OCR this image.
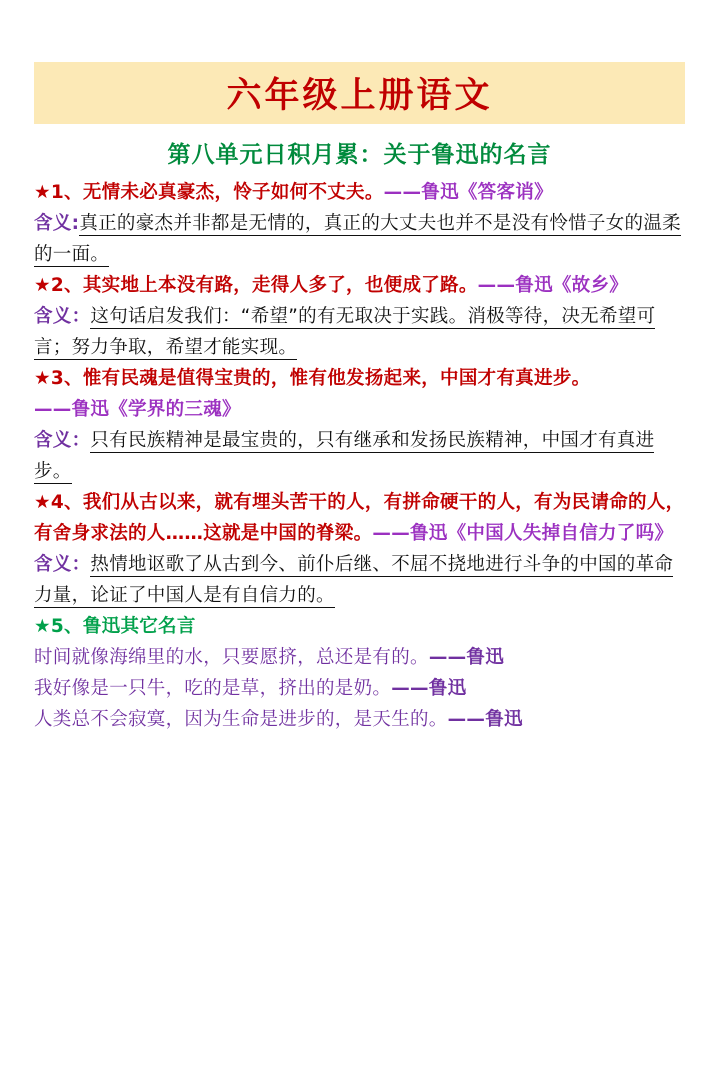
六年级上册语文
第八单元日积月累：关于鲁迅的名言

★1、无情未必真豪杰，怜子如何不丈夫。——鲁迅《答客诮》

含义:真正的豪杰并非都是无情的，真正的大丈夫也并不是没有怜惜子女的温柔的一面。

★2、其实地上本没有路，走得人多了，也便成了路。——鲁迅《故乡》

含义：这句话启发我们：“希望”的有无取决于实践。消极等待，决无希望可言；努力争取，希望才能实现。

★3、惟有民魂是值得宝贵的，惟有他发扬起来，中国才有真进步。

——鲁迅《学界的三魂》

含义：只有民族精神是最宝贵的，只有继承和发扬民族精神，中国才有真进步。

★4、我们从古以来，就有埋头苦干的人，有拼命硬干的人，有为民请命的人，有舍身求法的人……这就是中国的脊梁。——鲁迅《中国人失掉自信力了吗》

含义：热情地讴歌了从古到今、前仆后继、不屈不挠地进行斗争的中国的革命力量，论证了中国人是有自信力的。

★5、鲁迅其它名言

时间就像海绵里的水，只要愿挤，总还是有的。——鲁迅

我好像是一只牛，吃的是草，挤出的是奶。——鲁迅

人类总不会寂寞，因为生命是进步的，是天生的。——鲁迅
